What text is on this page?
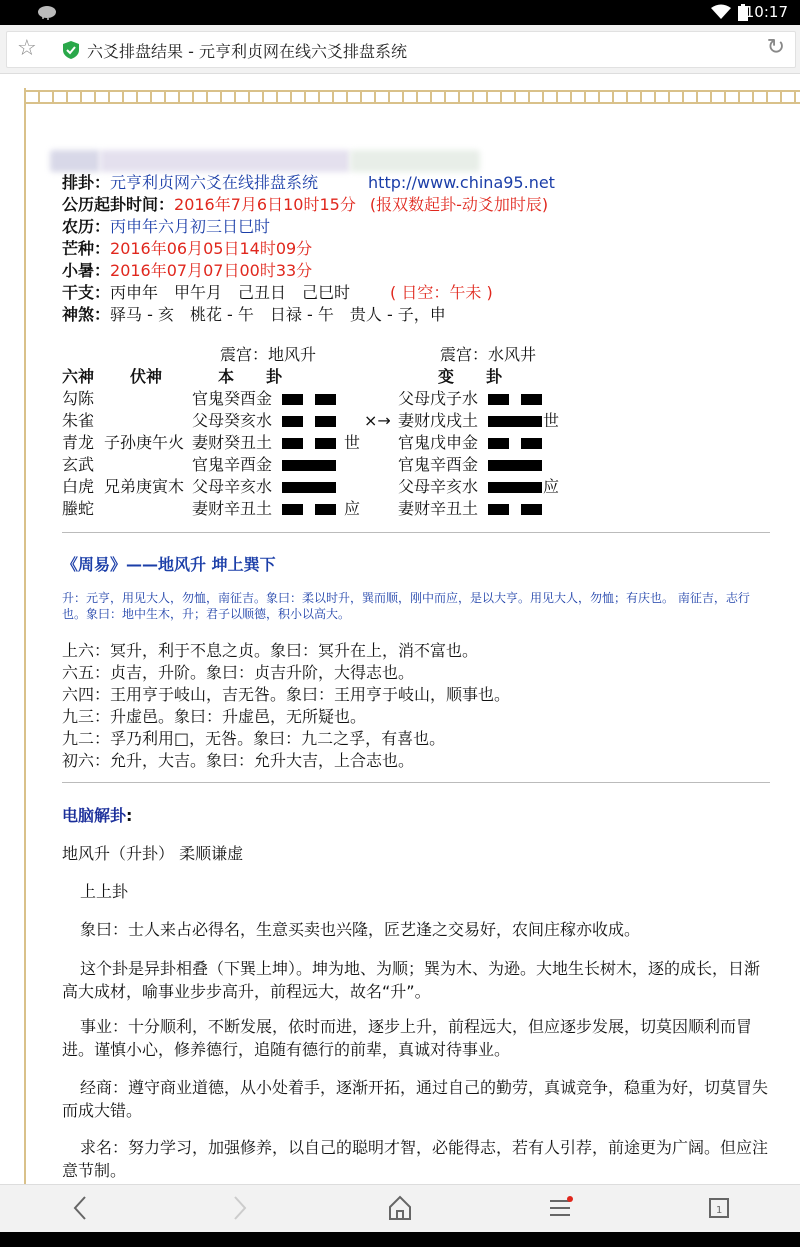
10:17
☆	六爻排盘结果 - 元亨利贞网在线六爻排盘系统	↻
排卦：元亨利贞网六爻在线排盘系统	http://www.china95.net
公历起卦时间：2016年7月6日10时15分 (报双数起卦-动爻加时辰)
农历：丙申年六月初三日巳时
芒种：2016年06月05日14时09分
小暑：2016年07月07日00时33分
干支：丙申年　甲午月　己丑日　己巳时	( 日空：午未 )
神煞：驿马 - 亥　桃花 - 午　日禄 - 午　贵人 - 子，申
震宫：地风升	震宫：水风井
六神 伏神	本　　卦	变　　卦
勾陈	官鬼癸酉金	父母戊子水
朱雀	父母癸亥水	×→ 妻财戊戌土	世
青龙 子孙庚午火 妻财癸丑土	世 官鬼戊申金
玄武	官鬼辛酉金	官鬼辛酉金
白虎 兄弟庚寅木 父母辛亥水	父母辛亥水	应
螣蛇	妻财辛丑土	应 妻财辛丑土
《周易》——地风升 坤上巽下
升：元亨，用见大人，勿恤，南征吉。象曰：柔以时升，巽而顺，刚中而应，是以大亨。用见大人，勿恤；有庆也。 南征吉，志行也。象曰：地中生木，升；君子以顺德，积小以高大。
上六：冥升，利于不息之贞。象曰：冥升在上，消不富也。
六五：贞吉，升阶。象曰：贞吉升阶，大得志也。
六四：王用亨于岐山，吉无咎。象曰：王用亨于岐山，顺事也。
九三：升虚邑。象曰：升虚邑，无所疑也。
九二：孚乃利用□，无咎。象曰：九二之孚，有喜也。
初六：允升，大吉。象曰：允升大吉，上合志也。
电脑解卦:
地风升（升卦） 柔顺谦虚
上上卦
象曰：士人来占必得名，生意买卖也兴隆，匠艺逢之交易好，农间庄稼亦收成。
这个卦是异卦相叠（下巽上坤）。坤为地、为顺；巽为木、为逊。大地生长树木，逐的成长，日渐高大成材，喻事业步步高升，前程远大，故名“升”。
事业：十分顺利，不断发展，依时而进，逐步上升，前程远大，但应逐步发展，切莫因顺利而冒进。谨慎小心，修养德行，追随有德行的前辈，真诚对待事业。
经商：遵守商业道德，从小处着手，逐渐开拓，通过自己的勤劳，真诚竞争，稳重为好，切莫冒失而成大错。
求名：努力学习，加强修养，以自己的聪明才智，必能得志，若有人引荐，前途更为广阔。但应注意节制。
1
